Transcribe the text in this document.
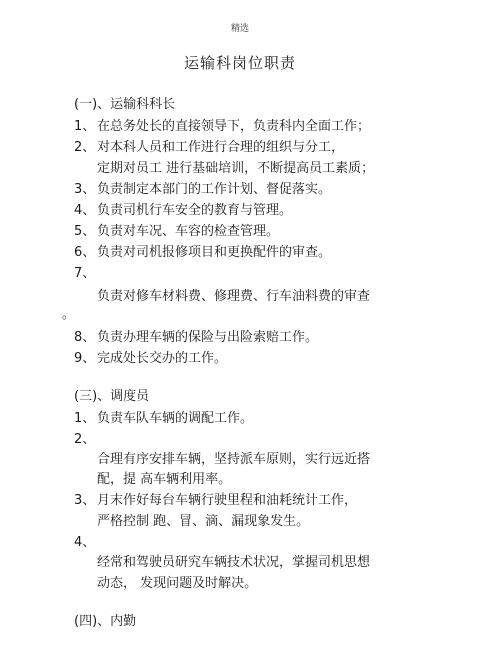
精选
运输科岗位职责
(一)、运输科科长
1、 在总务处长的直接领导下，负责科内全面工作；
2、 对本科人员和工作进行合理的组织与分工，
定期对员工 进行基础培训，不断提高员工素质；
3、 负责制定本部门的工作计划、督促落实。
4、 负责司机行车安全的教育与管理。
5、 负责对车况、车容的检查管理。
6、 负责对司机报修项目和更换配件的审查。
7、
负责对修车材料费、修理费、行车油料费的审查
。
8、 负责办理车辆的保险与出险索赔工作。
9、 完成处长交办的工作。
(三)、调度员
1、 负责车队车辆的调配工作。
2、
合理有序安排车辆，坚持派车原则，实行远近搭
配，提 高车辆利用率。
3、 月末作好每台车辆行驶里程和油耗统计工作，
严格控制 跑、冒、滴、漏现象发生。
4、
经常和驾驶员研究车辆技术状况，掌握司机思想
动态， 发现问题及时解决。
(四)、内勤
